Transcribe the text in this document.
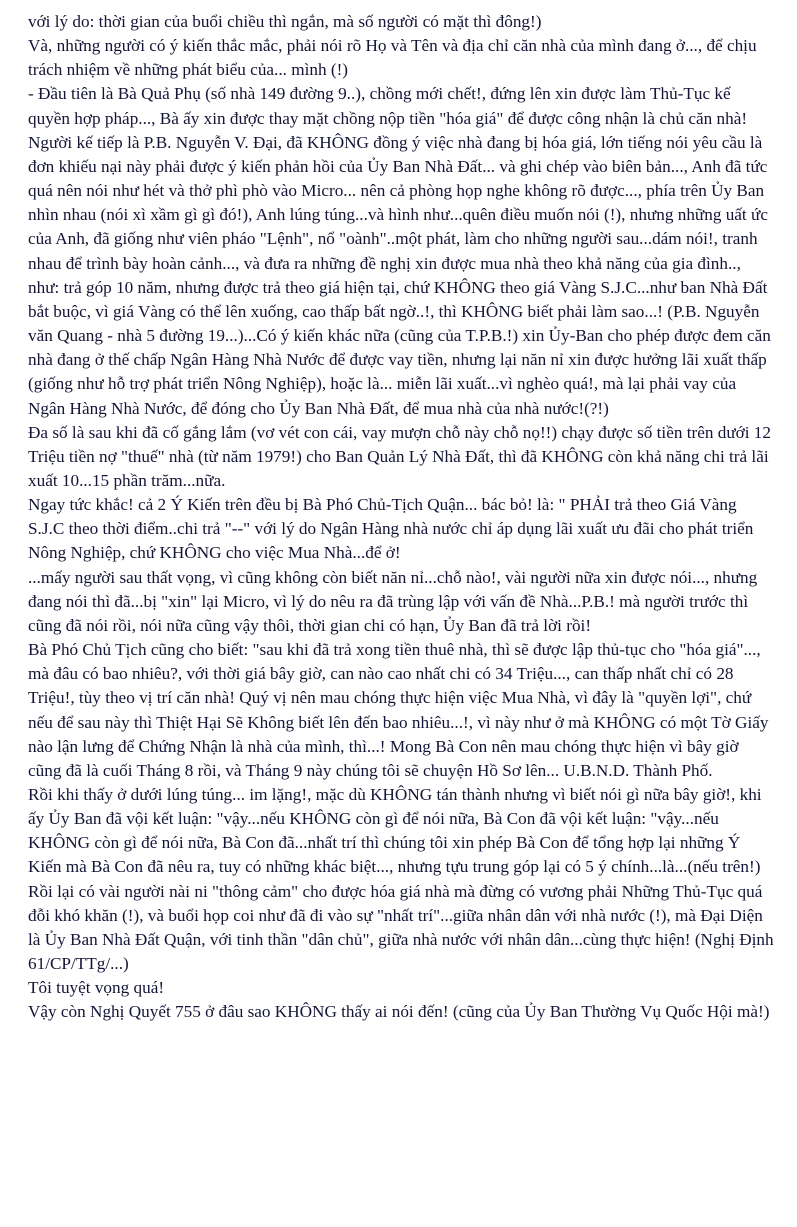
với lý do: thời gian của buổi chiều thì ngắn, mà số người có mặt thì đông!)

Và, những người có ý kiến thắc mắc, phải nói rõ Họ và Tên và địa chỉ căn nhà của mình đang ở..., để chịu trách nhiệm về những phát biểu của... mình (!)

- Đầu tiên là Bà Quả Phụ (số nhà 149 đường 9..), chồng mới chết!, đứng lên xin được làm Thủ-Tục kế quyền hợp pháp..., Bà ấy xin được thay mặt chồng nộp tiền "hóa giá" để được công nhận là chủ căn nhà!

Người kế tiếp là P.B. Nguyễn V. Đại, đã KHÔNG đồng ý việc nhà đang bị hóa giá, lớn tiếng nói yêu cầu là đơn khiếu nại này phải được ý kiến phản hồi của Ủy Ban Nhà Đất... và ghi chép vào biên bản..., Anh đã tức quá nên nói như hét và thở phì phò vào Micro... nên cả phòng họp nghe không rõ được..., phía trên Ủy Ban nhìn nhau (nói xì xầm gì gì đó!), Anh lúng túng...và hình như...quên điều muốn nói (!), nhưng những uất ức của Anh, đã giống như viên pháo "Lệnh", nổ "oành"..một phát, làm cho những người sau...dám nói!, tranh nhau để trình bày hoàn cảnh..., và đưa ra những đề nghị xin được mua nhà theo khả năng của gia đình.., như: trả góp 10 năm, nhưng được trả theo giá hiện tại, chứ KHÔNG theo giá Vàng S.J.C...như ban Nhà Đất bắt buộc, vì giá Vàng có thể lên xuống, cao thấp bất ngờ..!, thì KHÔNG biết phải làm sao...! (P.B. Nguyễn văn Quang - nhà 5 đường 19...)...Có ý kiến khác nữa (cũng của T.P.B.!) xin Ủy-Ban cho phép được đem căn nhà đang ở thế chấp Ngân Hàng Nhà Nước để được vay tiền, nhưng lại năn nỉ xin được hưởng lãi xuất thấp (giống như hỗ trợ phát triển Nông Nghiệp), hoặc là... miễn lãi xuất...vì nghèo quá!, mà lại phải vay của Ngân Hàng Nhà Nước, để đóng cho Ủy Ban Nhà Đất, để mua nhà của nhà nước!(?!)

Đa số là sau khi đã cố gắng lắm (vơ vét con cái, vay mượn chỗ này chỗ nọ!!) chạy được số tiền trên dưới 12 Triệu tiền nợ "thuế" nhà (từ năm 1979!) cho Ban Quản Lý Nhà Đất, thì đã KHÔNG còn khả năng chi trả lãi xuất 10...15 phần trăm...nữa.

Ngay tức khắc! cả 2 Ý Kiến trên đều bị Bà Phó Chủ-Tịch Quận... bác bỏ! là: " PHẢI trả theo Giá Vàng S.J.C theo thời điểm..chi trả "--" với lý do Ngân Hàng nhà nước chỉ áp dụng lãi xuất ưu đãi cho phát triển Nông Nghiệp, chứ KHÔNG cho việc Mua Nhà...để ở!

...mấy người sau thất vọng, vì cũng không còn biết năn nỉ...chỗ nào!, vài người nữa xin được nói..., nhưng đang nói thì đã...bị "xin" lại Micro, vì lý do nêu ra đã trùng lập với vấn đề Nhà...P.B.! mà người trước thì cũng đã nói rồi, nói nữa cũng vậy thôi, thời gian chi có hạn, Ủy Ban đã trả lời rồi!

Bà Phó Chủ Tịch cũng cho biết: "sau khi đã trả xong tiền thuê nhà, thì sẽ được lập thủ-tục cho "hóa giá"..., mà đâu có bao nhiêu?, với thời giá bây giờ, can nào cao nhất chi có 34 Triệu..., can thấp nhất chỉ có 28 Triệu!, tùy theo vị trí căn nhà! Quý vị nên mau chóng thực hiện việc Mua Nhà, vì đây là "quyền lợi", chứ nếu để sau này thì Thiệt Hại Sẽ Không biết lên đến bao nhiêu...!, vì này như ở mà KHÔNG có một Tờ Giấy nào lận lưng để Chứng Nhận là nhà của mình, thì...! Mong Bà Con nên mau chóng thực hiện vì bây giờ cũng đã là cuối Tháng 8 rồi, và Tháng 9 này chúng tôi sẽ chuyện Hồ Sơ lên... U.B.N.D. Thành Phố.

Rồi khi thấy ở dưới lúng túng... im lặng!, mặc dù KHÔNG tán thành nhưng vì biết nói gì nữa bây giờ!, khi ấy Ủy Ban đã vội kết luận: "vậy...nếu KHÔNG còn gì để nói nữa, Bà Con đã vội kết luận: "vậy...nếu KHÔNG còn gì để nói nữa, Bà Con đã...nhất trí thì chúng tôi xin phép Bà Con để tổng hợp lại những Ý Kiến mà Bà Con đã nêu ra, tuy có những khác biệt..., nhưng tựu trung góp lại có 5 ý chính...là...(nếu trên!)

Rồi lại có vài người nài ni "thông cảm" cho được hóa giá nhà mà đừng có vương phải Những Thủ-Tục quá đỗi khó khăn (!), và buổi họp coi như đã đi vào sự "nhất trí"...giữa nhân dân với nhà nước (!), mà Đại Diện là Ủy Ban Nhà Đất Quận, với tinh thần "dân chủ", giữa nhà nước với nhân dân...cùng thực hiện! (Nghị Định 61/CP/TTg/...)

Tôi tuyệt vọng quá!

Vậy còn Nghị Quyết 755 ở đâu sao KHÔNG thấy ai nói đến! (cũng của Ủy Ban Thường Vụ Quốc Hội mà!)
